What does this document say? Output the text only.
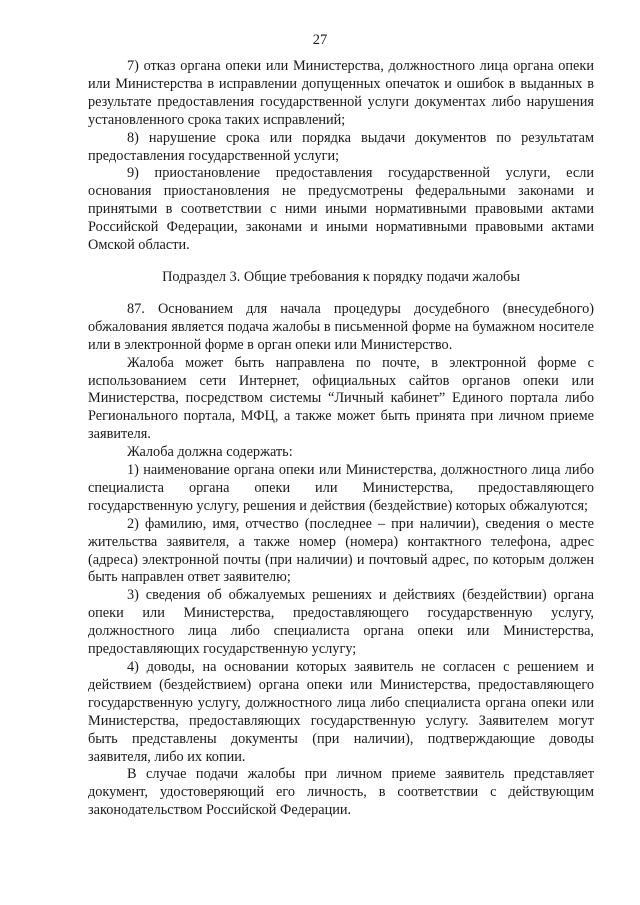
27

7) отказ органа опеки или Министерства, должностного лица органа опеки или Министерства в исправлении допущенных опечаток и ошибок в выданных в результате предоставления государственной услуги документах либо нарушения установленного срока таких исправлений;

8) нарушение срока или порядка выдачи документов по результатам предоставления государственной услуги;

9) приостановление предоставления государственной услуги, если основания приостановления не предусмотрены федеральными законами и принятыми в соответствии с ними иными нормативными правовыми актами Российской Федерации, законами и иными нормативными правовыми актами Омской области.

Подраздел 3. Общие требования к порядку подачи жалобы

87. Основанием для начала процедуры досудебного (внесудебного) обжалования является подача жалобы в письменной форме на бумажном носителе или в электронной форме в орган опеки или Министерство.

Жалоба может быть направлена по почте, в электронной форме с использованием сети Интернет, официальных сайтов органов опеки или Министерства, посредством системы “Личный кабинет” Единого портала либо Регионального портала, МФЦ, а также может быть принята при личном приеме заявителя.

Жалоба должна содержать:

1) наименование органа опеки или Министерства, должностного лица либо специалиста органа опеки или Министерства, предоставляющего государственную услугу, решения и действия (бездействие) которых обжалуются;

2) фамилию, имя, отчество (последнее – при наличии), сведения о месте жительства заявителя, а также номер (номера) контактного телефона, адрес (адреса) электронной почты (при наличии) и почтовый адрес, по которым должен быть направлен ответ заявителю;

3) сведения об обжалуемых решениях и действиях (бездействии) органа опеки или Министерства, предоставляющего государственную услугу, должностного лица либо специалиста органа опеки или Министерства, предоставляющих государственную услугу;

4) доводы, на основании которых заявитель не согласен с решением и действием (бездействием) органа опеки или Министерства, предоставляющего государственную услугу, должностного лица либо специалиста органа опеки или Министерства, предоставляющих государственную услугу. Заявителем могут быть представлены документы (при наличии), подтверждающие доводы заявителя, либо их копии.

В случае подачи жалобы при личном приеме заявитель представляет документ, удостоверяющий его личность, в соответствии с действующим законодательством Российской Федерации.
